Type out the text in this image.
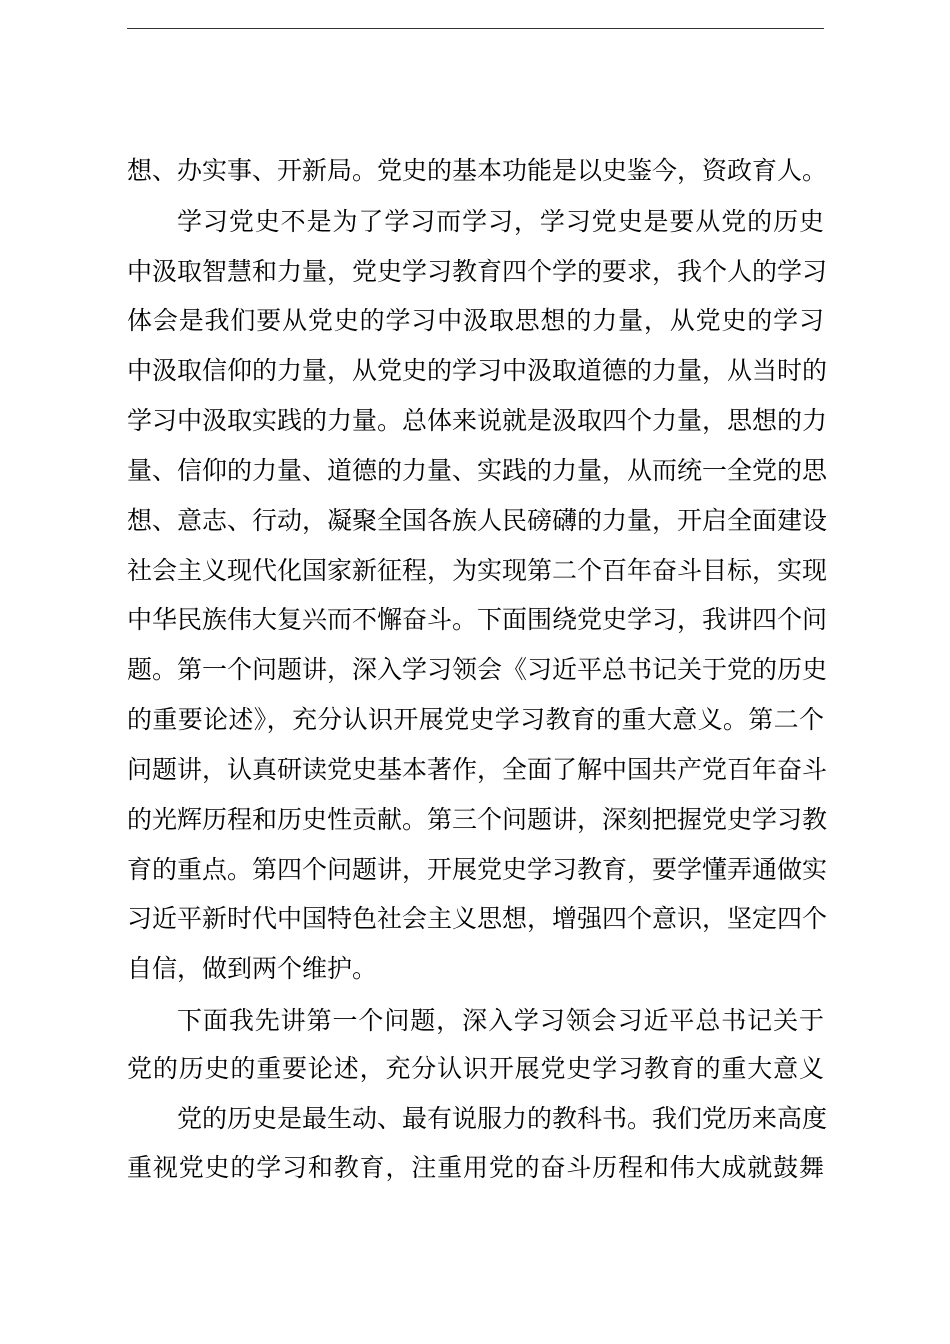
想、办实事、开新局。党史的基本功能是以史鉴今，资政育人。
学习党史不是为了学习而学习，学习党史是要从党的历史
中汲取智慧和力量，党史学习教育四个学的要求，我个人的学习
体会是我们要从党史的学习中汲取思想的力量，从党史的学习
中汲取信仰的力量，从党史的学习中汲取道德的力量，从当时的
学习中汲取实践的力量。总体来说就是汲取四个力量，思想的力
量、信仰的力量、道德的力量、实践的力量，从而统一全党的思
想、意志、行动，凝聚全国各族人民磅礴的力量，开启全面建设
社会主义现代化国家新征程，为实现第二个百年奋斗目标，实现
中华民族伟大复兴而不懈奋斗。下面围绕党史学习，我讲四个问
题。第一个问题讲，深入学习领会《习近平总书记关于党的历史
的重要论述》，充分认识开展党史学习教育的重大意义。第二个
问题讲，认真研读党史基本著作，全面了解中国共产党百年奋斗
的光辉历程和历史性贡献。第三个问题讲，深刻把握党史学习教
育的重点。第四个问题讲，开展党史学习教育，要学懂弄通做实
习近平新时代中国特色社会主义思想，增强四个意识，坚定四个
自信，做到两个维护。
下面我先讲第一个问题，深入学习领会习近平总书记关于
党的历史的重要论述，充分认识开展党史学习教育的重大意义
党的历史是最生动、最有说服力的教科书。我们党历来高度
重视党史的学习和教育，注重用党的奋斗历程和伟大成就鼓舞
